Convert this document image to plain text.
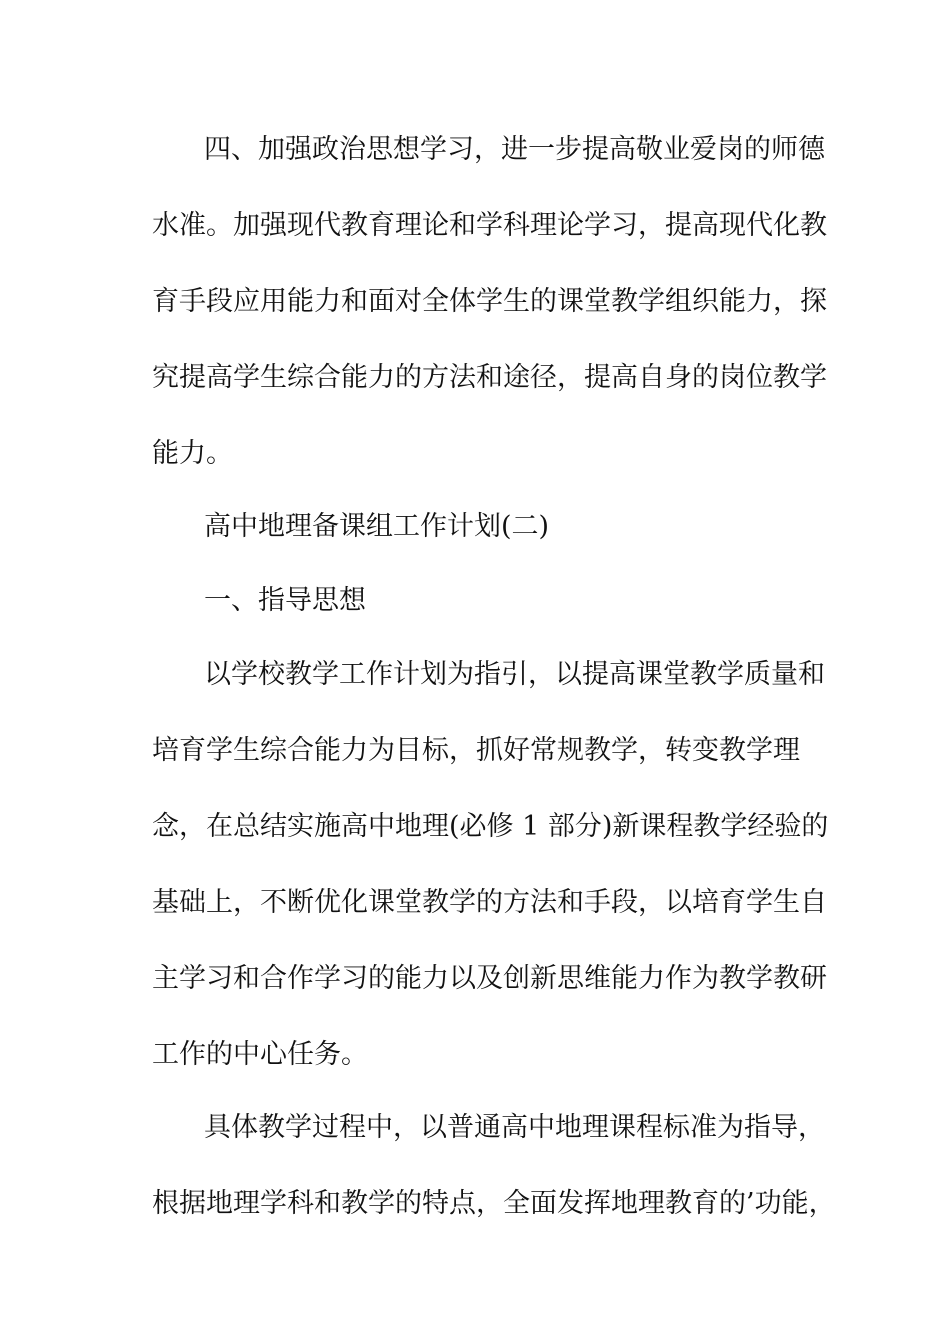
四、加强政治思想学习，进一步提高敬业爱岗的师德
水准。加强现代教育理论和学科理论学习，提高现代化教
育手段应用能力和面对全体学生的课堂教学组织能力，探
究提高学生综合能力的方法和途径，提高自身的岗位教学
能力。
高中地理备课组工作计划(二)
一、指导思想
以学校教学工作计划为指引，以提高课堂教学质量和
培育学生综合能力为目标，抓好常规教学，转变教学理
念，在总结实施高中地理(必修 1 部分)新课程教学经验的
基础上，不断优化课堂教学的方法和手段，以培育学生自
主学习和合作学习的能力以及创新思维能力作为教学教研
工作的中心任务。
具体教学过程中，以普通高中地理课程标准为指导，
根据地理学科和教学的特点，全面发挥地理教育的’功能，
